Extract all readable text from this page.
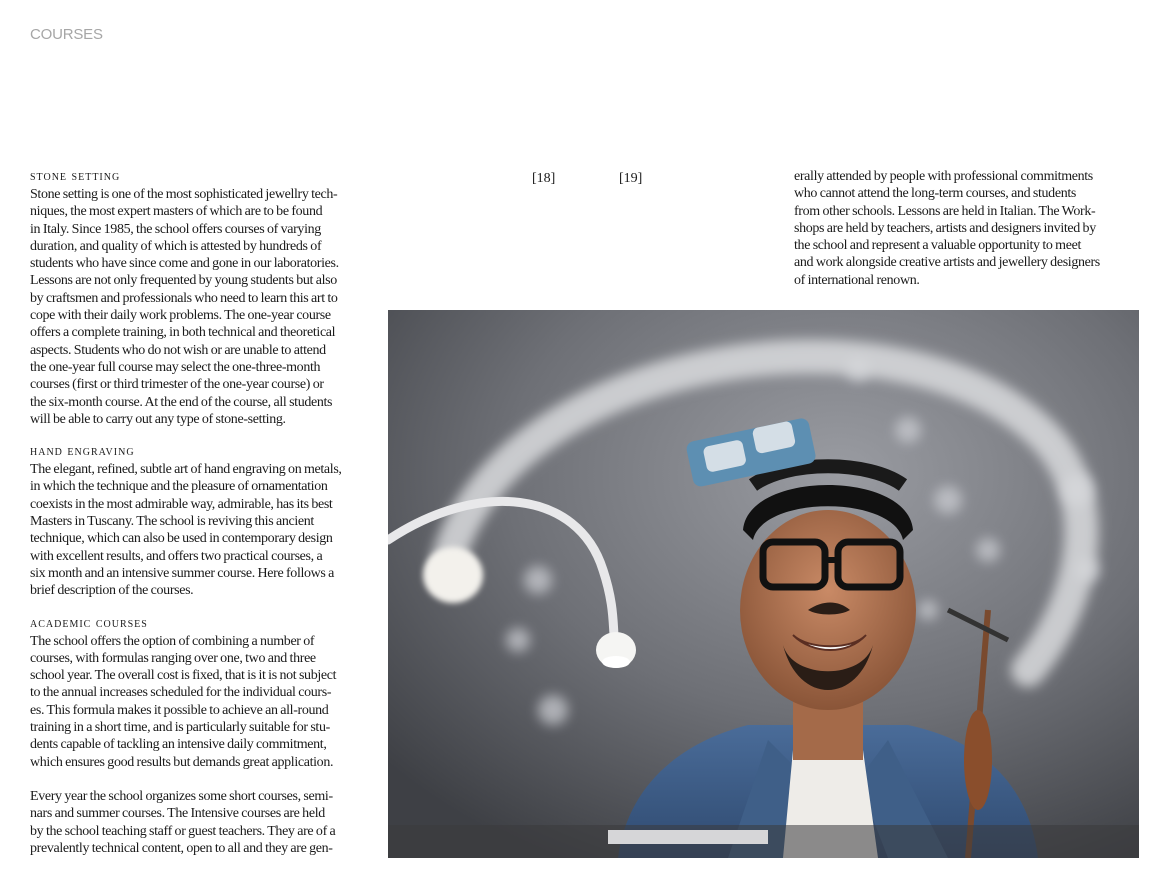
COURSES
stone setting
Stone setting is one of the most sophisticated jewellry tech-
niques, the most expert masters of which are to be found
in Italy. Since 1985, the school offers courses of varying
duration, and quality of which is attested by hundreds of
students who have since come and gone in our laboratories.
Lessons are not only frequented by young students but also
by craftsmen and professionals who need to learn this art to
cope with their daily work problems. The one-year course
offers a complete training, in both technical and theoretical
aspects. Students who do not wish or are unable to attend
the one-year full course may select the one-three-month
courses (first or third trimester of the one-year course) or
the six-month course. At the end of the course, all students
will be able to carry out any type of stone-setting.
hand engraving
The elegant, refined, subtle art of hand engraving on metals,
in which the technique and the pleasure of ornamentation
coexists in the most admirable way, admirable, has its best
Masters in Tuscany. The school is reviving this ancient
technique, which can also be used in contemporary design
with excellent results, and offers two practical courses, a
six month and an intensive summer course. Here follows a
brief description of the courses.
academic courses
The school offers the option of combining a number of
courses, with formulas ranging over one, two and three
school year. The overall cost is fixed, that is it is not subject
to the annual increases scheduled for the individual cours-
es. This formula makes it possible to achieve an all-round
training in a short time, and is particularly suitable for stu-
dents capable of tackling an intensive daily commitment,
which ensures good results but demands great application.
Every year the school organizes some short courses, semi-
nars and summer courses. The Intensive courses are held
by the school teaching staff or guest teachers. They are of a
prevalently technical content, open to all and they are gen-
[18]	[19]	erally attended by people with professional commitments
who cannot attend the long-term courses, and students
from other schools. Lessons are held in Italian. The Work-
shops are held by teachers, artists and designers invited by
the school and represent a valuable opportunity to meet
and work alongside creative artists and jewellery designers
of international renown.
